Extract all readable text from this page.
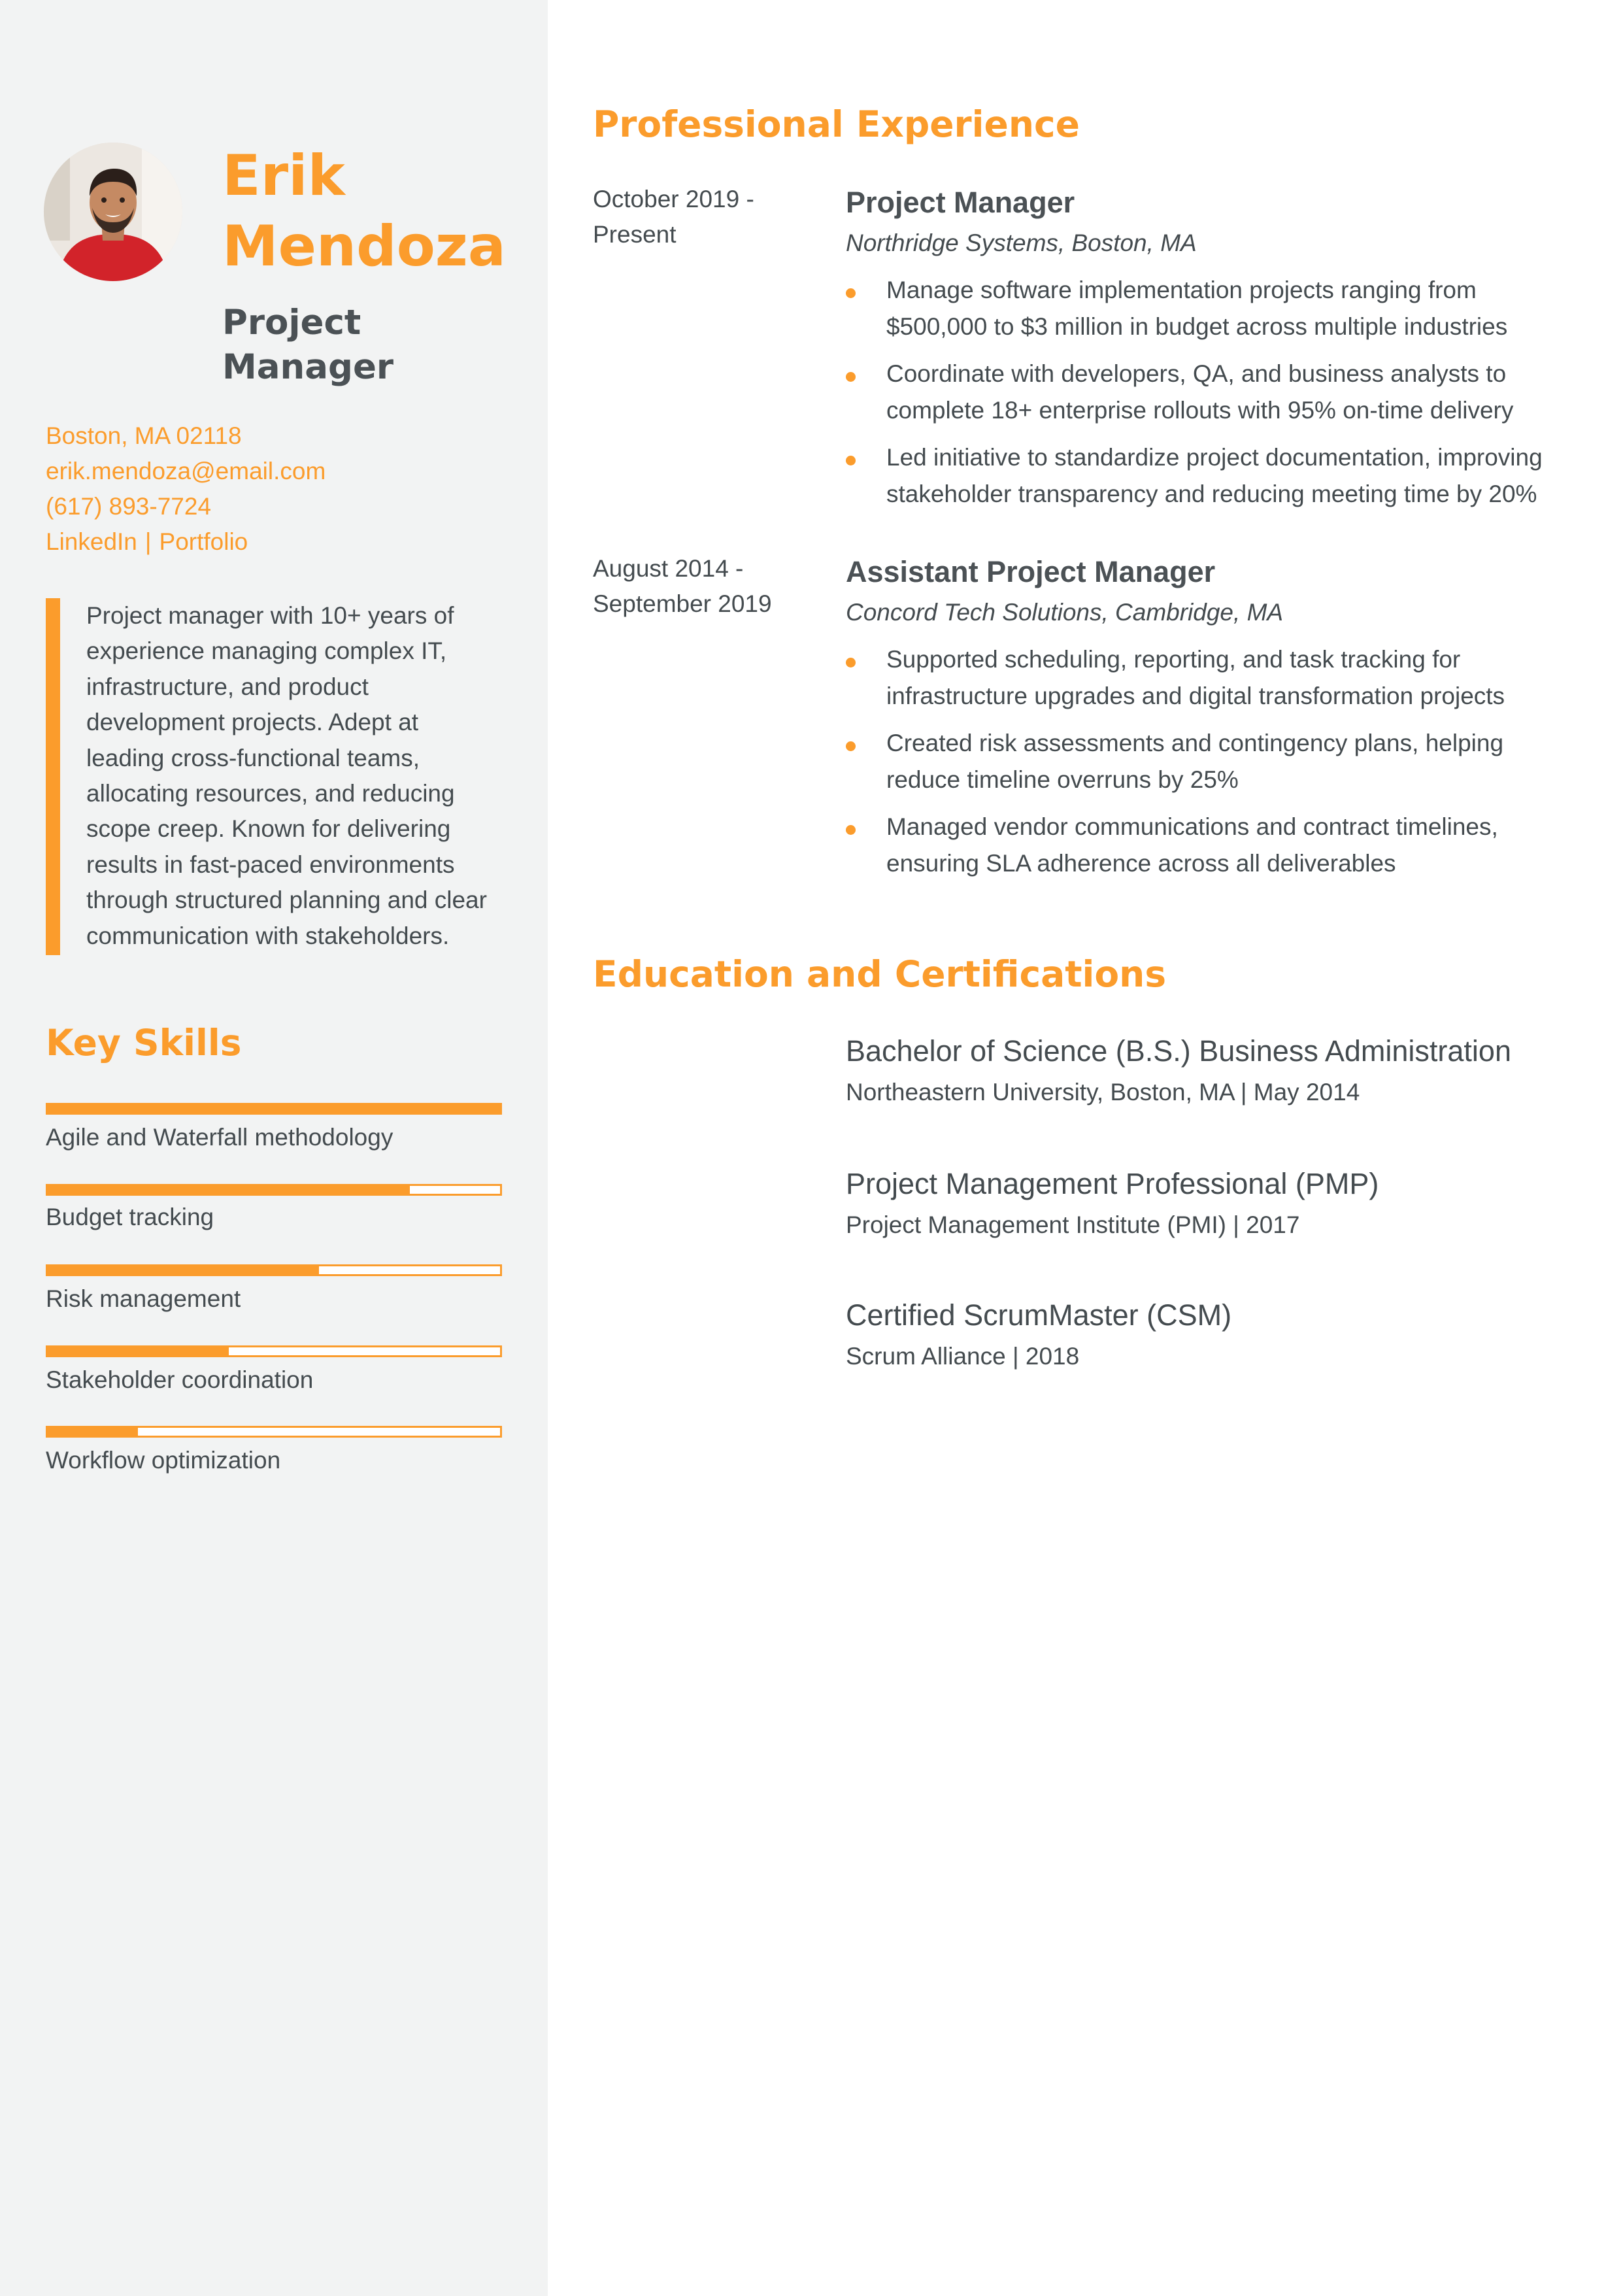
Erik
Mendoza
Project
Manager
Boston, MA 02118
erik.mendoza@email.com
(617) 893-7724
LinkedIn | Portfolio

Project manager with 10+ years of
experience managing complex IT,
infrastructure, and product
development projects. Adept at
leading cross-functional teams,
allocating resources, and reducing
scope creep. Known for delivering
results in fast-paced environments
through structured planning and clear
communication with stakeholders.

Key Skills
Agile and Waterfall methodology
Budget tracking
Risk management
Stakeholder coordination
Workflow optimization
Professional Experience
October 2019 -
Present
Project Manager
Northridge Systems, Boston, MA
Manage software implementation projects ranging from
$500,000 to $3 million in budget across multiple industries
Coordinate with developers, QA, and business analysts to
complete 18+ enterprise rollouts with 95% on-time delivery
Led initiative to standardize project documentation, improving
stakeholder transparency and reducing meeting time by 20%
August 2014 -
September 2019
Assistant Project Manager
Concord Tech Solutions, Cambridge, MA
Supported scheduling, reporting, and task tracking for
infrastructure upgrades and digital transformation projects
Created risk assessments and contingency plans, helping
reduce timeline overruns by 25%
Managed vendor communications and contract timelines,
ensuring SLA adherence across all deliverables
Education and Certifications
Bachelor of Science (B.S.) Business Administration
Northeastern University, Boston, MA | May 2014
Project Management Professional (PMP)
Project Management Institute (PMI) | 2017
Certified ScrumMaster (CSM)
Scrum Alliance | 2018
